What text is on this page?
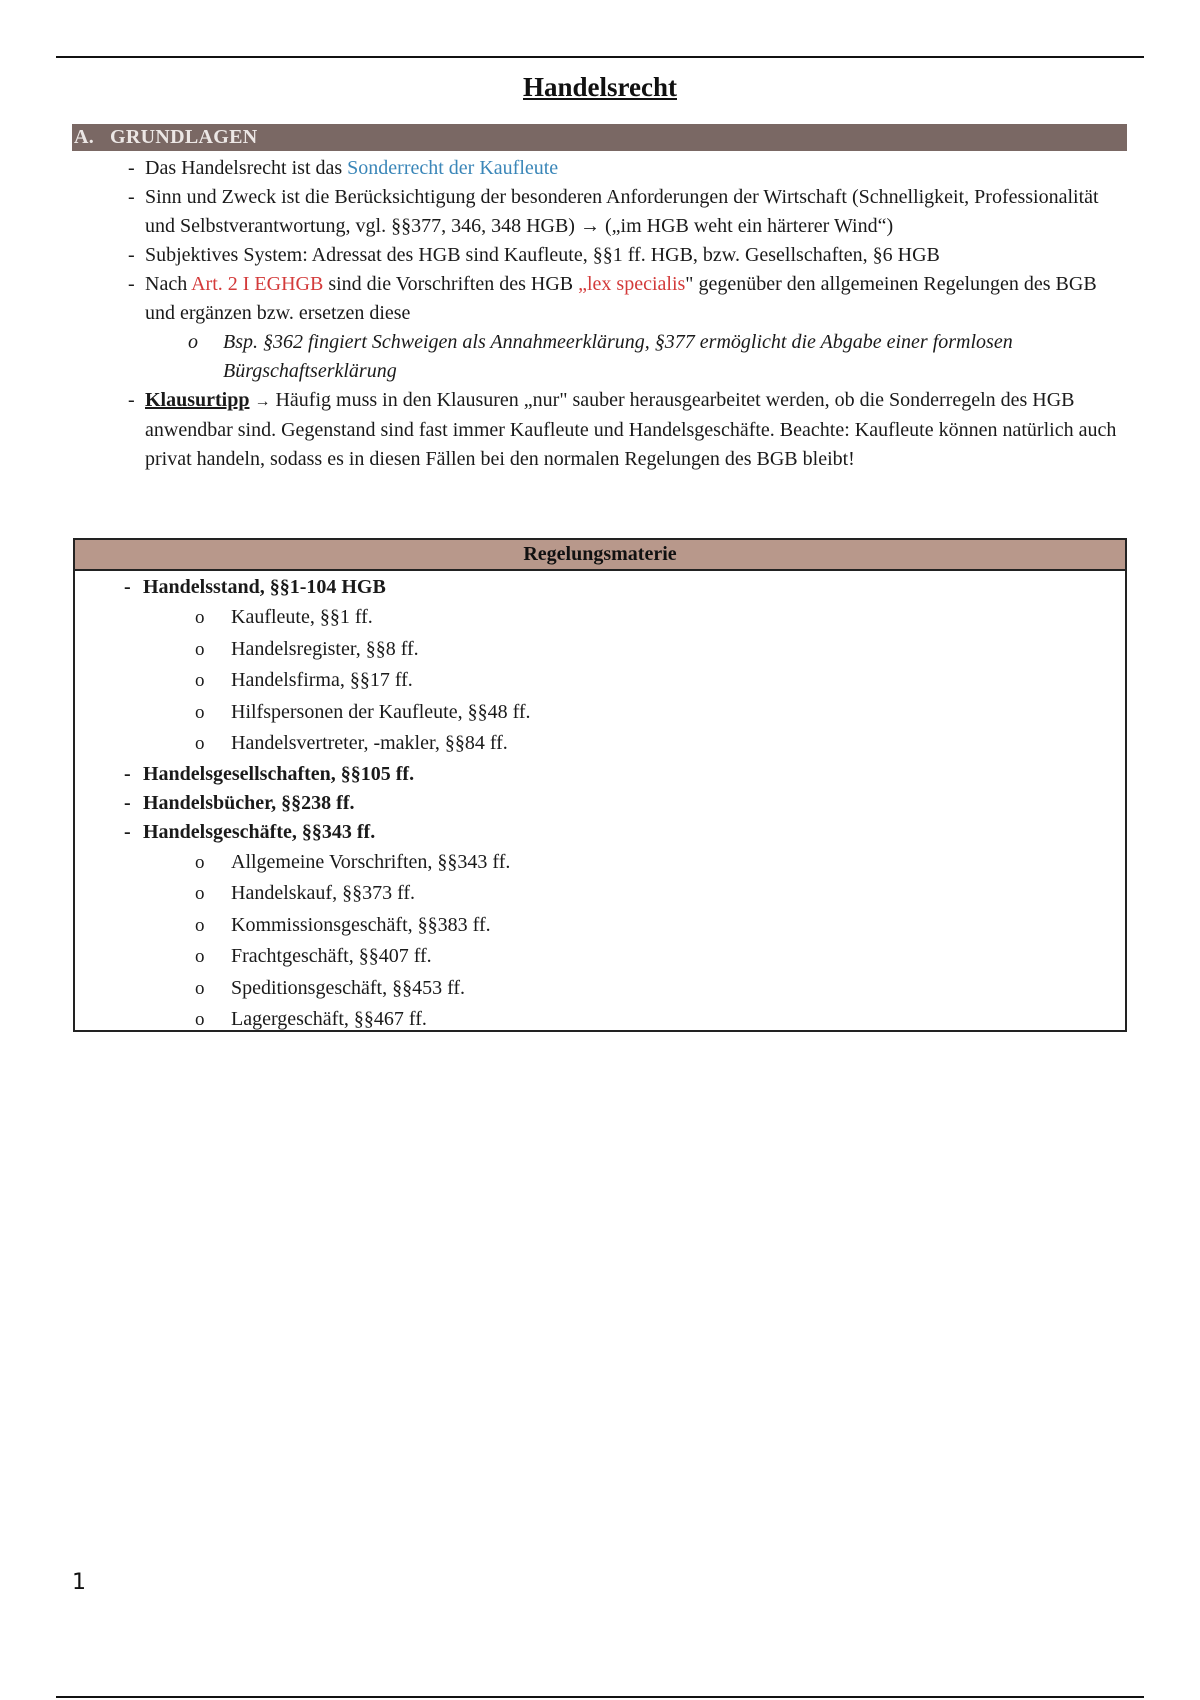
Handelsrecht
A. GRUNDLAGEN

- Das Handelsrecht ist das Sonderrecht der Kaufleute

- Sinn und Zweck ist die Berücksichtigung der besonderen Anforderungen der Wirtschaft (Schnelligkeit, Professionalität und Selbstverantwortung, vgl. §§377, 346, 348 HGB) → („im HGB weht ein härterer Wind“)

- Subjektives System: Adressat des HGB sind Kaufleute, §§1 ff. HGB, bzw. Gesellschaften, §6 HGB

- Nach Art. 2 I EGHGB sind die Vorschriften des HGB „lex specialis" gegenüber den allgemeinen Regelungen des BGB und ergänzen bzw. ersetzen diese

o Bsp. §362 fingiert Schweigen als Annahmeerklärung, §377 ermöglicht die Abgabe einer formlosen Bürgschaftserklärung

- Klausurtipp → Häufig muss in den Klausuren „nur" sauber herausgearbeitet werden, ob die Sonderregeln des HGB anwendbar sind. Gegenstand sind fast immer Kaufleute und Handelsgeschäfte. Beachte: Kaufleute können natürlich auch privat handeln, sodass es in diesen Fällen bei den normalen Regelungen des BGB bleibt!

Regelungsmaterie
- Handelsstand, §§1-104 HGB
o Kaufleute, §§1 ff.
o Handelsregister, §§8 ff.
o Handelsfirma, §§17 ff.
o Hilfspersonen der Kaufleute, §§48 ff.
o Handelsvertreter, -makler, §§84 ff.
- Handelsgesellschaften, §§105 ff.
- Handelsbücher, §§238 ff.
- Handelsgeschäfte, §§343 ff.
o Allgemeine Vorschriften, §§343 ff.
o Handelskauf, §§373 ff.
o Kommissionsgeschäft, §§383 ff.
o Frachtgeschäft, §§407 ff.
o Speditionsgeschäft, §§453 ff.
o Lagergeschäft, §§467 ff.
1
